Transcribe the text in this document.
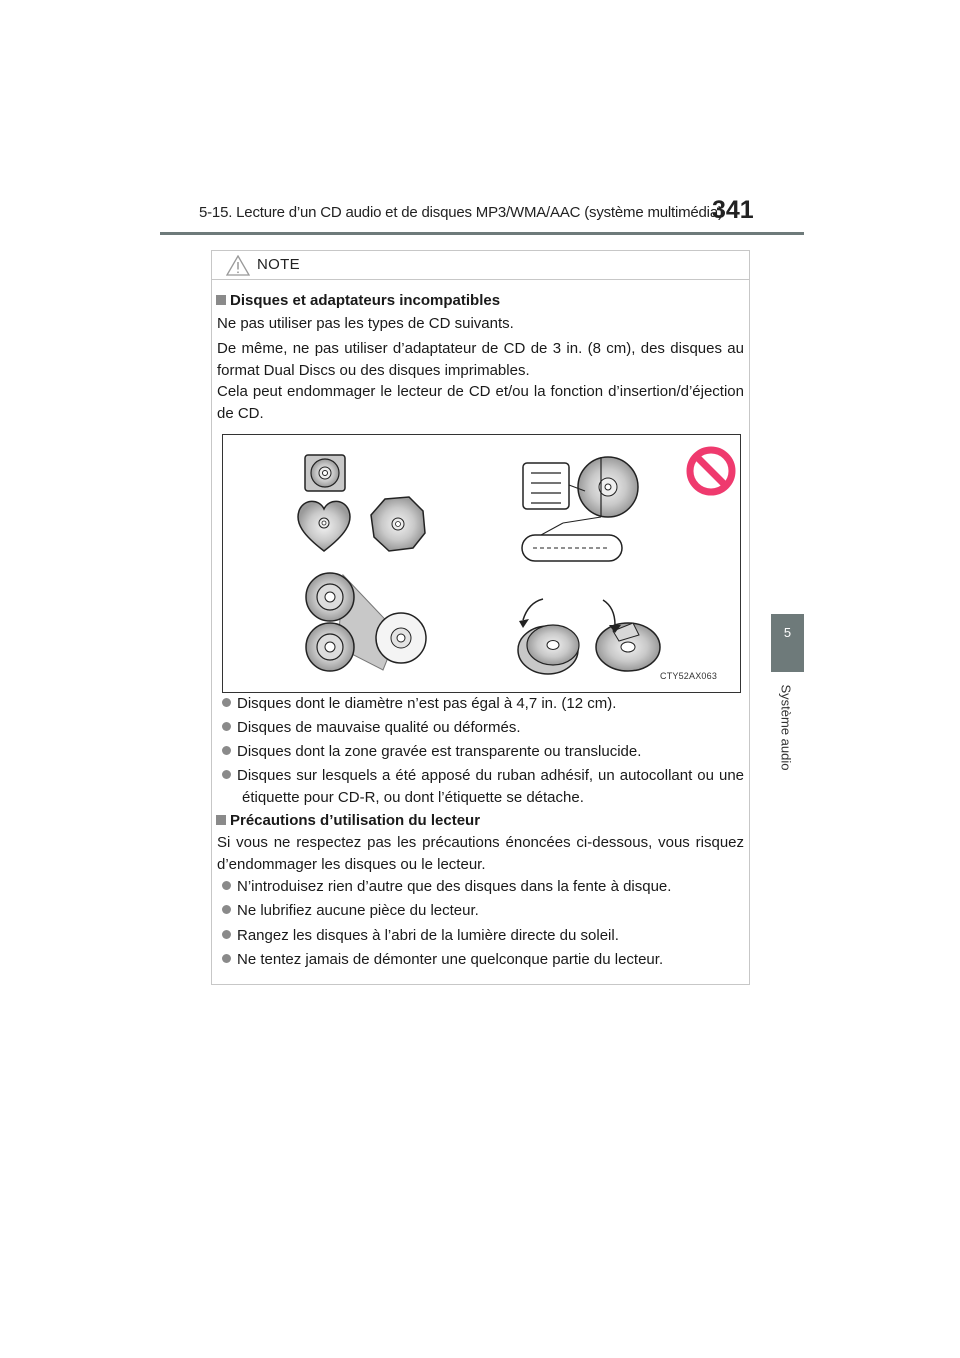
5-15. Lecture d’un CD audio et de disques MP3/WMA/AAC (système multimédia)
341
5
Système audio
NOTE
Disques et adaptateurs incompatibles
Ne pas utiliser pas les types de CD suivants.
De même, ne pas utiliser d’adaptateur de CD de 3 in. (8 cm), des disques au format Dual Discs ou des disques imprimables.
Cela peut endommager le lecteur de CD et/ou la fonction d’insertion/d’éjection de CD.
CTY52AX063
Disques dont le diamètre n’est pas égal à 4,7 in. (12 cm).
Disques de mauvaise qualité ou déformés.
Disques dont la zone gravée est transparente ou translucide.
Disques sur lesquels a été apposé du ruban adhésif, un autocollant ou une étiquette pour CD-R, ou dont l’étiquette se détache.
Précautions d’utilisation du lecteur
Si vous ne respectez pas les précautions énoncées ci-dessous, vous risquez d’endommager les disques ou le lecteur.
N’introduisez rien d’autre que des disques dans la fente à disque.
Ne lubrifiez aucune pièce du lecteur.
Rangez les disques à l’abri de la lumière directe du soleil.
Ne tentez jamais de démonter une quelconque partie du lecteur.
